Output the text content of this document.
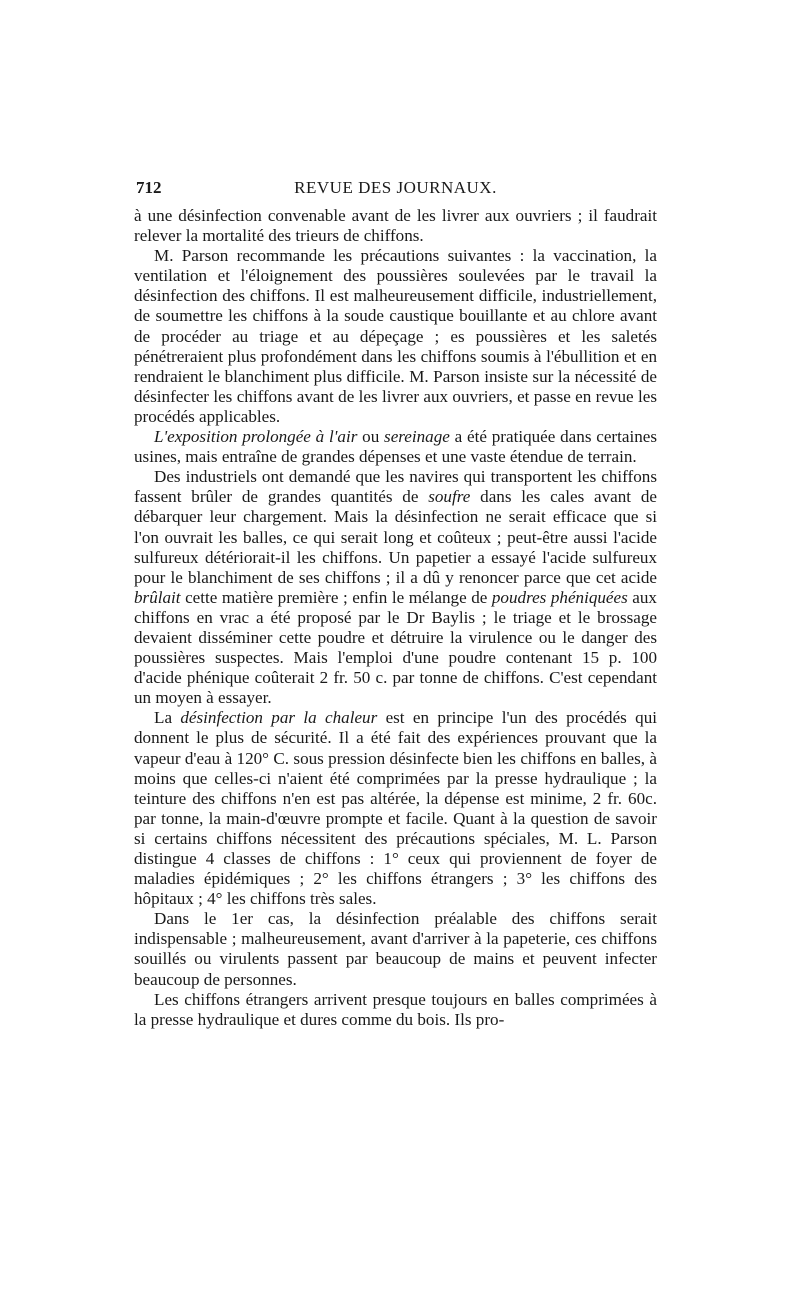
712	REVUE DES JOURNAUX.

à une désinfection convenable avant de les livrer aux ouvriers ; il faudrait relever la mortalité des trieurs de chiffons.

M. Parson recommande les précautions suivantes : la vaccination, la ventilation et l'éloignement des poussières soulevées par le travail la désinfection des chiffons. Il est malheureusement difficile, industriellement, de soumettre les chiffons à la soude caustique bouillante et au chlore avant de procéder au triage et au dépeçage ; es poussières et les saletés pénétreraient plus profondément dans les chiffons soumis à l'ébullition et en rendraient le blanchiment plus difficile. M. Parson insiste sur la nécessité de désinfecter les chiffons avant de les livrer aux ouvriers, et passe en revue les procédés applicables.

L'exposition prolongée à l'air ou sereinage a été pratiquée dans certaines usines, mais entraîne de grandes dépenses et une vaste étendue de terrain.

Des industriels ont demandé que les navires qui transportent les chiffons fassent brûler de grandes quantités de soufre dans les cales avant de débarquer leur chargement. Mais la désinfection ne serait efficace que si l'on ouvrait les balles, ce qui serait long et coûteux ; peut-être aussi l'acide sulfureux détériorait-il les chiffons. Un papetier a essayé l'acide sulfureux pour le blanchiment de ses chiffons ; il a dû y renoncer parce que cet acide brûlait cette matière première ; enfin le mélange de poudres phéniquées aux chiffons en vrac a été proposé par le Dr Baylis ; le triage et le brossage devaient disséminer cette poudre et détruire la virulence ou le danger des poussières suspectes. Mais l'emploi d'une poudre contenant 15 p. 100 d'acide phénique coûterait 2 fr. 50 c. par tonne de chiffons. C'est cependant un moyen à essayer.

La désinfection par la chaleur est en principe l'un des procédés qui donnent le plus de sécurité. Il a été fait des expériences prouvant que la vapeur d'eau à 120° C. sous pression désinfecte bien les chiffons en balles, à moins que celles-ci n'aient été comprimées par la presse hydraulique ; la teinture des chiffons n'en est pas altérée, la dépense est minime, 2 fr. 60c. par tonne, la main-d'œuvre prompte et facile. Quant à la question de savoir si certains chiffons nécessitent des précautions spéciales, M. L. Parson distingue 4 classes de chiffons : 1° ceux qui proviennent de foyer de maladies épidémiques ; 2° les chiffons étrangers ; 3° les chiffons des hôpitaux ; 4° les chiffons très sales.

Dans le 1er cas, la désinfection préalable des chiffons serait indispensable ; malheureusement, avant d'arriver à la papeterie, ces chiffons souillés ou virulents passent par beaucoup de mains et peuvent infecter beaucoup de personnes.

Les chiffons étrangers arrivent presque toujours en balles comprimées à la presse hydraulique et dures comme du bois. Ils pro-
